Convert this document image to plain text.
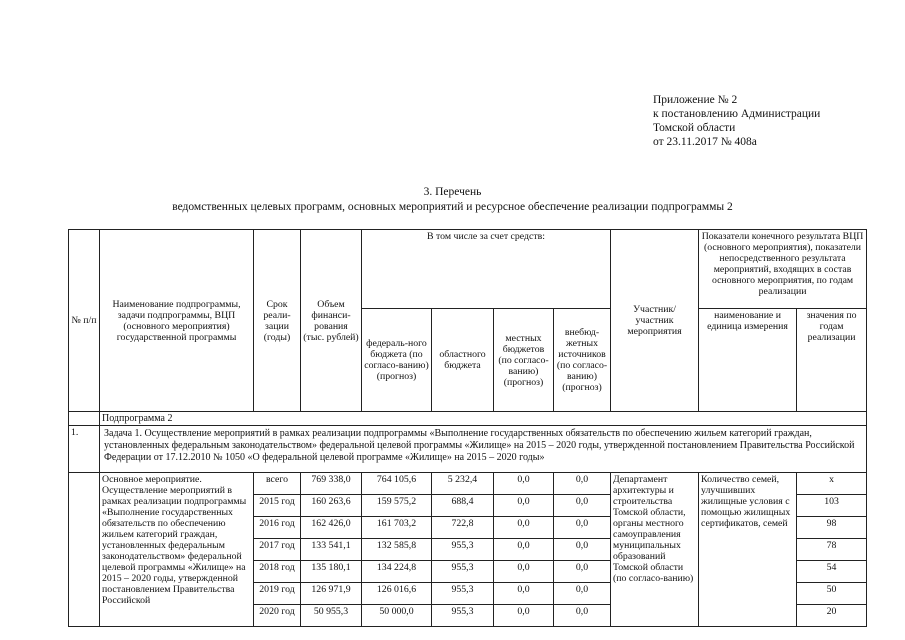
Приложение № 2
к постановлению Администрации
Томской области
от 23.11.2017 № 408а
3. Перечень
ведомственных целевых программ, основных мероприятий и ресурсное обеспечение реализации подпрограммы 2
№ п/п	Наименование подпрограммы, задачи подпрограммы, ВЦП (основного мероприятия) государственной программы	Срок реали-зации (годы)	Объем финанси-рования (тыс. рублей)	В том числе за счет средств:				Участник/ участник мероприятия	Показатели конечного результата ВЦП (основного мероприятия), показатели непосредственного результата мероприятий, входящих в состав основного мероприятия, по годам реализации	
				федераль-ного бюджета (по согласо-ванию) (прогноз)	областного бюджета	местных бюджетов (по согласо-ванию) (прогноз)	внебюд-жетных источников (по согласо-ванию) (прогноз)		наименование и единица измерения	значения по годам реализации
	Подпрограмма 2									
1.	Задача 1. Осуществление мероприятий в рамках реализации подпрограммы «Выполнение государственных обязательств по обеспечению жильем категорий граждан, установленных федеральным законодательством» федеральной целевой программы «Жилище» на 2015 – 2020 годы, утвержденной постановлением Правительства Российской Федерации от 17.12.2010 № 1050 «О федеральной целевой программе «Жилище» на 2015 – 2020 годы»									
	Основное мероприятие. Осуществление мероприятий в рамках реализации подпрограммы «Выполнение государственных обязательств по обеспечению жильем категорий граждан, установленных федеральным законодательством» федеральной целевой программы «Жилище» на 2015 – 2020 годы, утвержденной постановлением Правительства Российской	всего	769 338,0	764 105,6	5 232,4	0,0	0,0	Департамент архитектуры и строительства Томской области, органы местного самоуправления муниципальных образований Томской области (по согласо-ванию)	Количество семей, улучшивших жилищные условия с помощью жилищных сертификатов, семей	x
		2015 год	160 263,6	159 575,2	688,4	0,0	0,0			103
		2016 год	162 426,0	161 703,2	722,8	0,0	0,0			98
		2017 год	133 541,1	132 585,8	955,3	0,0	0,0			78
		2018 год	135 180,1	134 224,8	955,3	0,0	0,0			54
		2019 год	126 971,9	126 016,6	955,3	0,0	0,0			50
		2020 год	50 955,3	50 000,0	955,3	0,0	0,0			20
